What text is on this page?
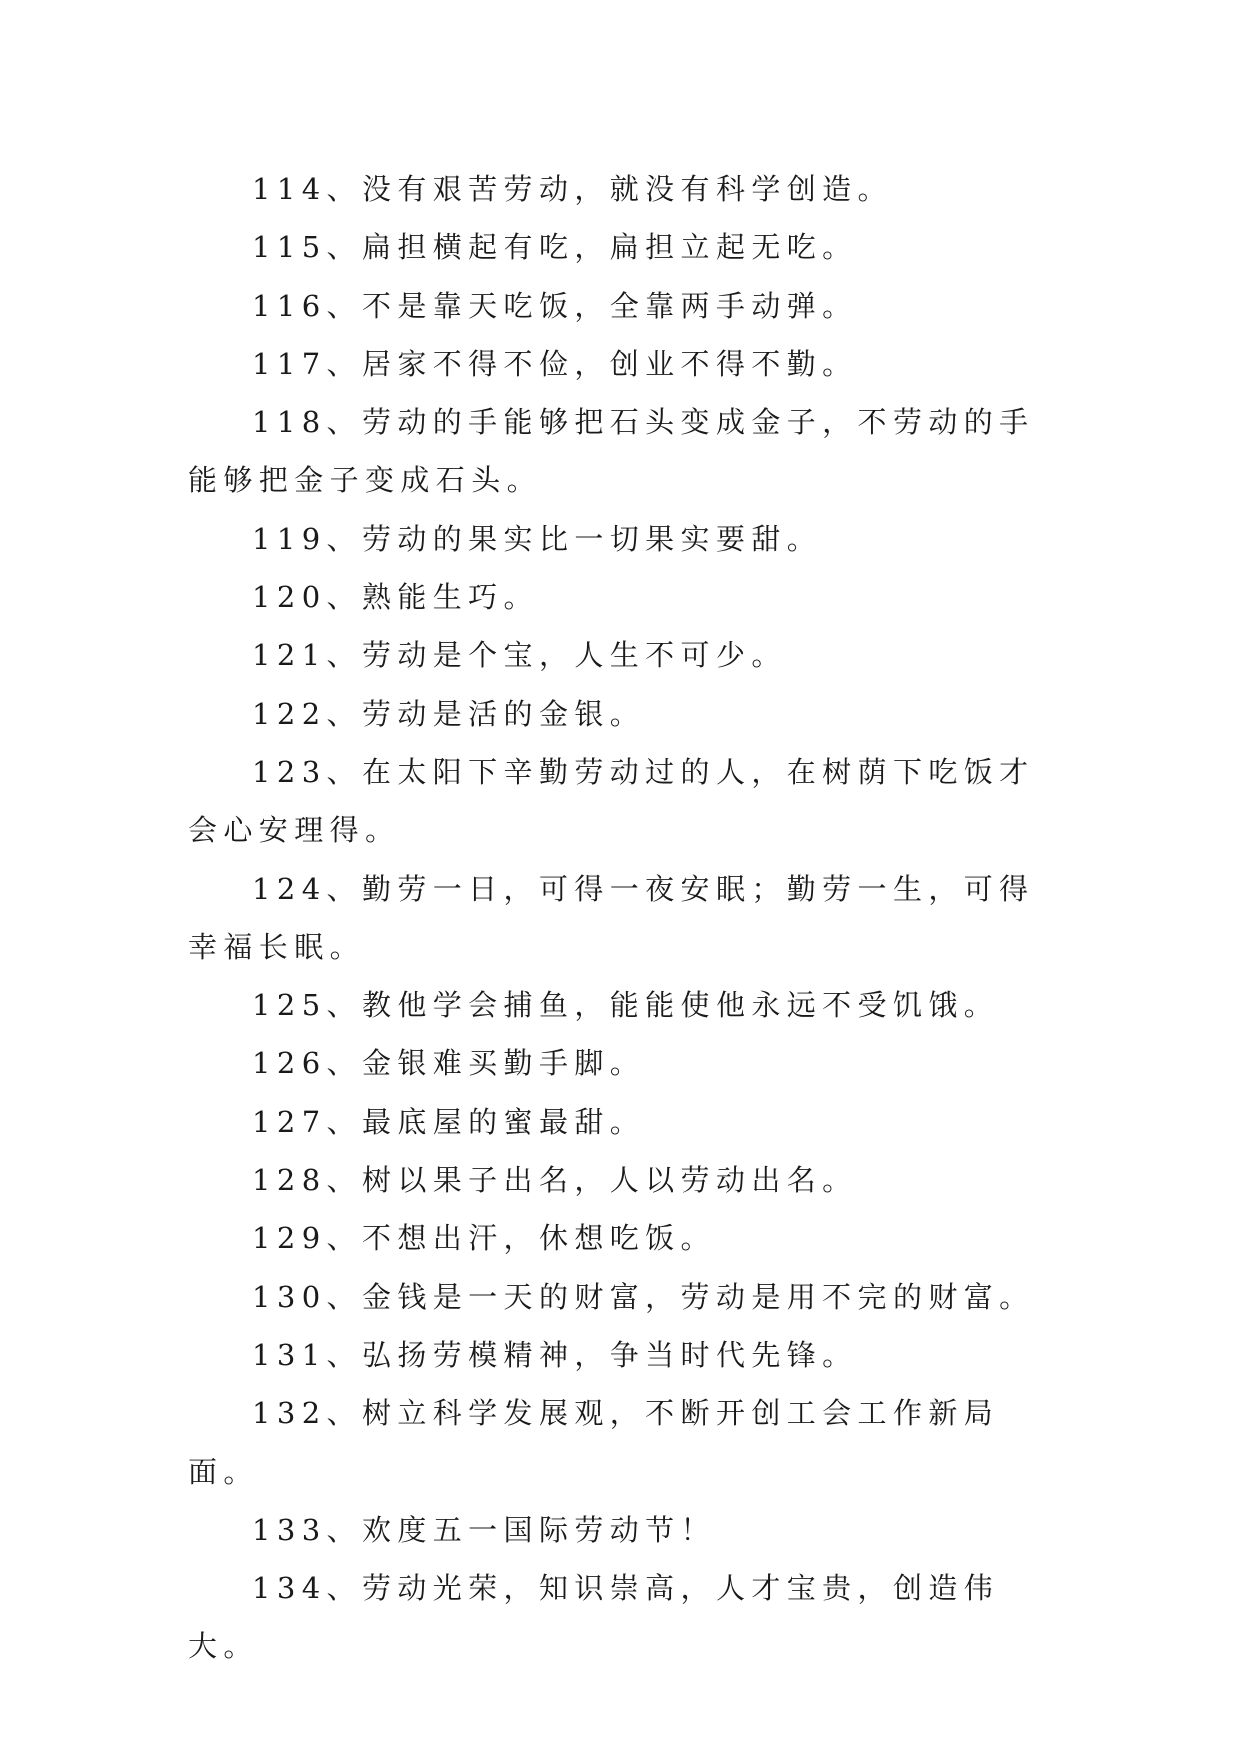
114、没有艰苦劳动，就没有科学创造。

115、扁担横起有吃，扁担立起无吃。

116、不是靠天吃饭，全靠两手动弹。

117、居家不得不俭，创业不得不勤。

118、劳动的手能够把石头变成金子，不劳动的手能够把金子变成石头。

119、劳动的果实比一切果实要甜。

120、熟能生巧。

121、劳动是个宝，人生不可少。

122、劳动是活的金银。

123、在太阳下辛勤劳动过的人，在树荫下吃饭才会心安理得。

124、勤劳一日，可得一夜安眠；勤劳一生，可得幸福长眠。

125、教他学会捕鱼，能能使他永远不受饥饿。

126、金银难买勤手脚。

127、最底屋的蜜最甜。

128、树以果子出名，人以劳动出名。

129、不想出汗，休想吃饭。

130、金钱是一天的财富，劳动是用不完的财富。

131、弘扬劳模精神，争当时代先锋。

132、树立科学发展观，不断开创工会工作新局面。

133、欢度五一国际劳动节！

134、劳动光荣，知识崇高，人才宝贵，创造伟大。
